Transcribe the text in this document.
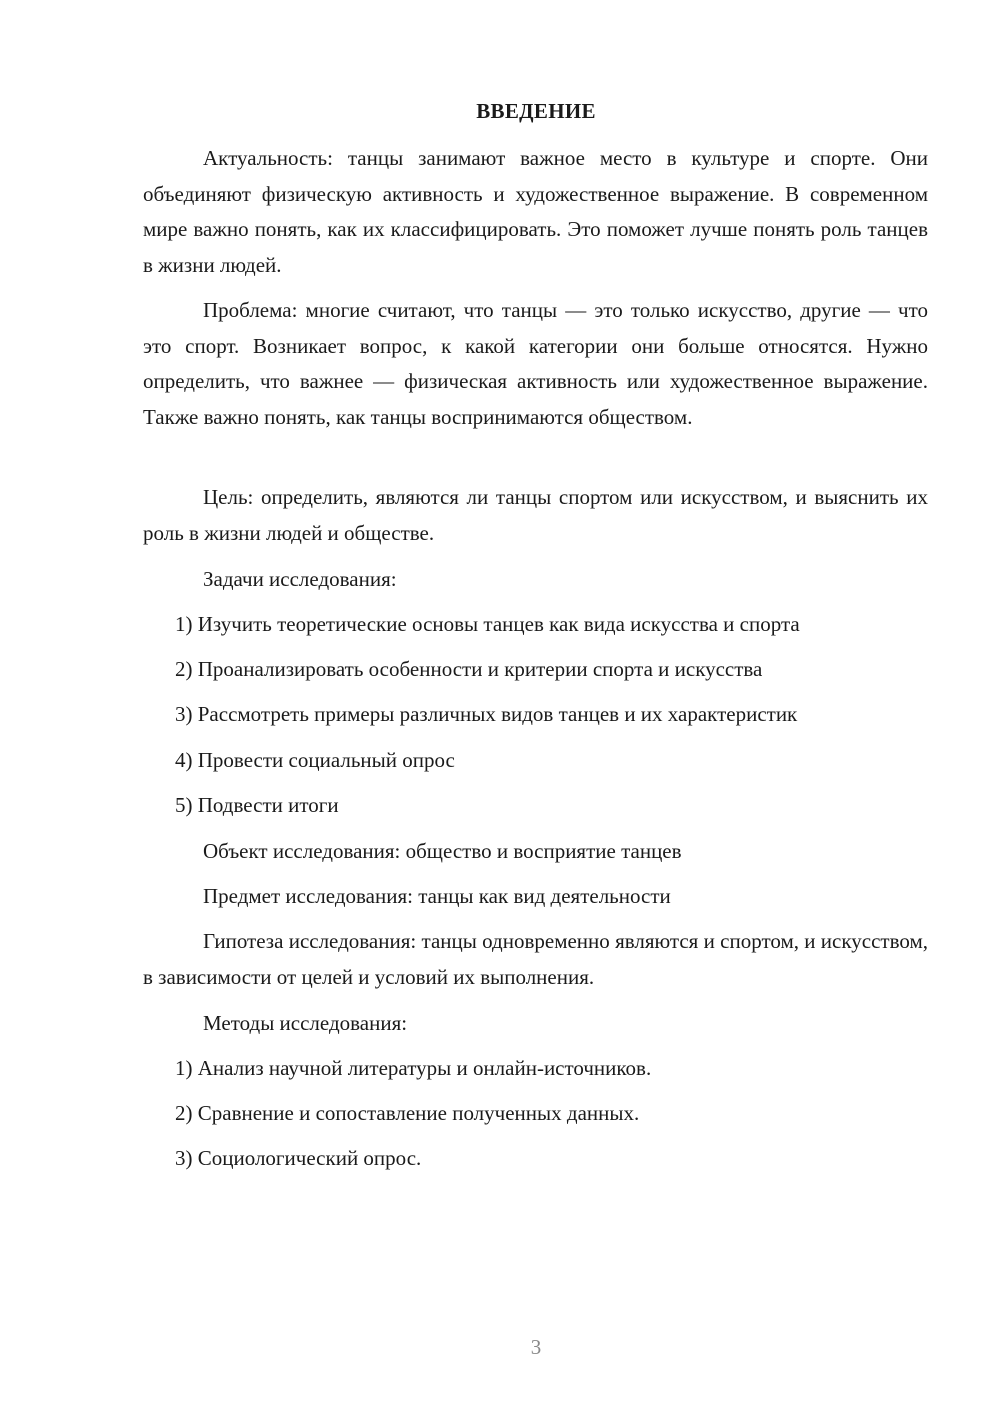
ВВЕДЕНИЕ

Актуальность: танцы занимают важное место в культуре и спорте. Они объединяют физическую активность и художественное выражение. В современном мире важно понять, как их классифицировать. Это поможет лучше понять роль танцев в жизни людей.

Проблема: многие считают, что танцы — это только искусство, другие — что это спорт. Возникает вопрос, к какой категории они больше относятся. Нужно определить, что важнее — физическая активность или художественное выражение. Также важно понять, как танцы воспринимаются обществом.

Цель: определить, являются ли танцы спортом или искусством, и выяснить их роль в жизни людей и обществе.

Задачи исследования:
1) Изучить теоретические основы танцев как вида искусства и спорта
2) Проанализировать особенности и критерии спорта и искусства
3) Рассмотреть примеры различных видов танцев и их характеристик
4) Провести социальный опрос
5) Подвести итоги
Объект исследования: общество и восприятие танцев
Предмет исследования: танцы как вид деятельности

Гипотеза исследования: танцы одновременно являются и спортом, и искусством, в зависимости от целей и условий их выполнения.

Методы исследования:
1) Анализ научной литературы и онлайн-источников.
2) Сравнение и сопоставление полученных данных.
3) Социологический опрос.
3
